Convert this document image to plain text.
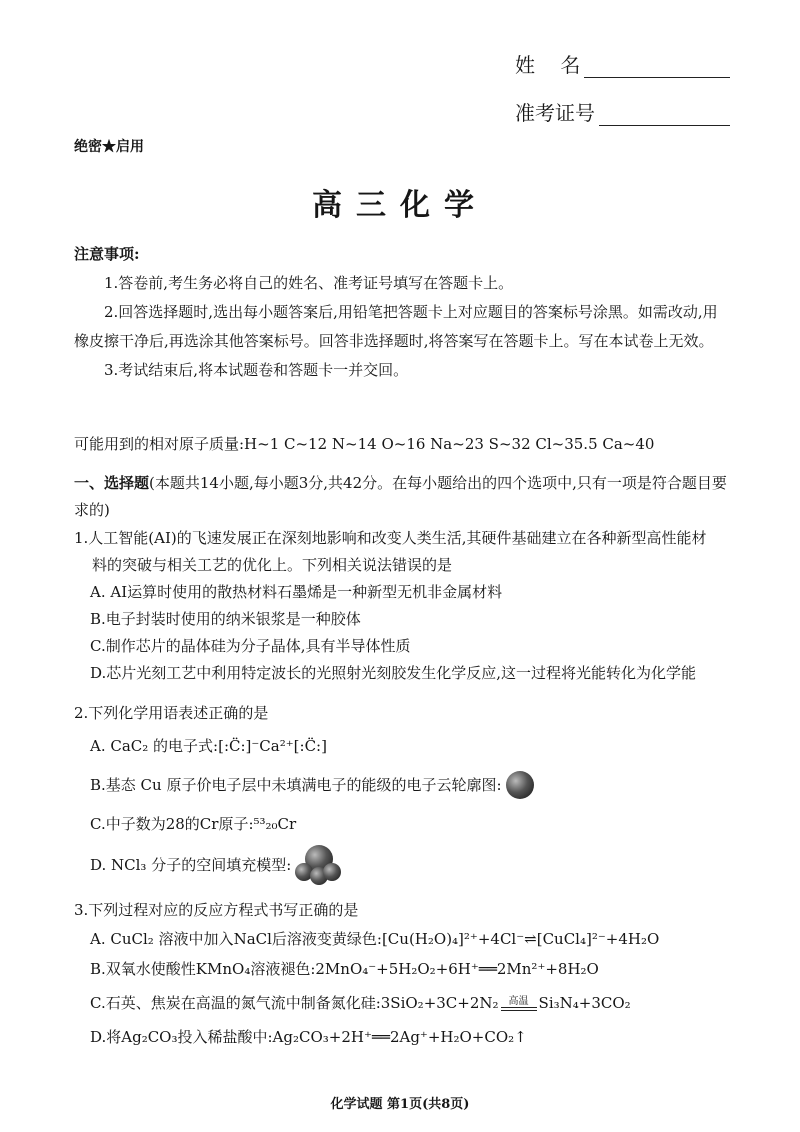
姓    名
准考证号
绝密★启用
高三化学
注意事项:
1.答卷前,考生务必将自己的姓名、准考证号填写在答题卡上。
2.回答选择题时,选出每小题答案后,用铅笔把答题卡上对应题目的答案标号涂黑。如需改动,用橡皮擦干净后,再选涂其他答案标号。回答非选择题时,将答案写在答题卡上。写在本试卷上无效。
3.考试结束后,将本试题卷和答题卡一并交回。
可能用到的相对原子质量:H~1 C~12 N~14 O~16 Na~23 S~32 Cl~35.5 Ca~40
一、选择题(本题共14小题,每小题3分,共42分。在每小题给出的四个选项中,只有一项是符合题目要求的)
1.人工智能(AI)的飞速发展正在深刻地影响和改变人类生活,其硬件基础建立在各种新型高性能材
料的突破与相关工艺的优化上。下列相关说法错误的是
A. AI运算时使用的散热材料石墨烯是一种新型无机非金属材料
B.电子封装时使用的纳米银浆是一种胶体
C.制作芯片的晶体硅为分子晶体,具有半导体性质
D.芯片光刻工艺中利用特定波长的光照射光刻胶发生化学反应,这一过程将光能转化为化学能
2.下列化学用语表述正确的是
A. CaC₂ 的电子式:[:C̈:]⁻Ca²⁺[:C̈:]
B.基态 Cu 原子价电子层中未填满电子的能级的电子云轮廓图:
C.中子数为28的Cr原子:⁵³₂₀Cr
D. NCl₃ 分子的空间填充模型:
3.下列过程对应的反应方程式书写正确的是
A. CuCl₂ 溶液中加入NaCl后溶液变黄绿色:[Cu(H₂O)₄]²⁺+4Cl⁻⇌[CuCl₄]²⁻+4H₂O
B.双氧水使酸性KMnO₄溶液褪色:2MnO₄⁻+5H₂O₂+6H⁺══2Mn²⁺+8H₂O
C.石英、焦炭在高温的氮气流中制备氮化硅:3SiO₂+3C+2N₂ 高温 Si₃N₄+3CO₂
D.将Ag₂CO₃投入稀盐酸中:Ag₂CO₃+2H⁺══2Ag⁺+H₂O+CO₂↑
化学试题 第1页(共8页)
